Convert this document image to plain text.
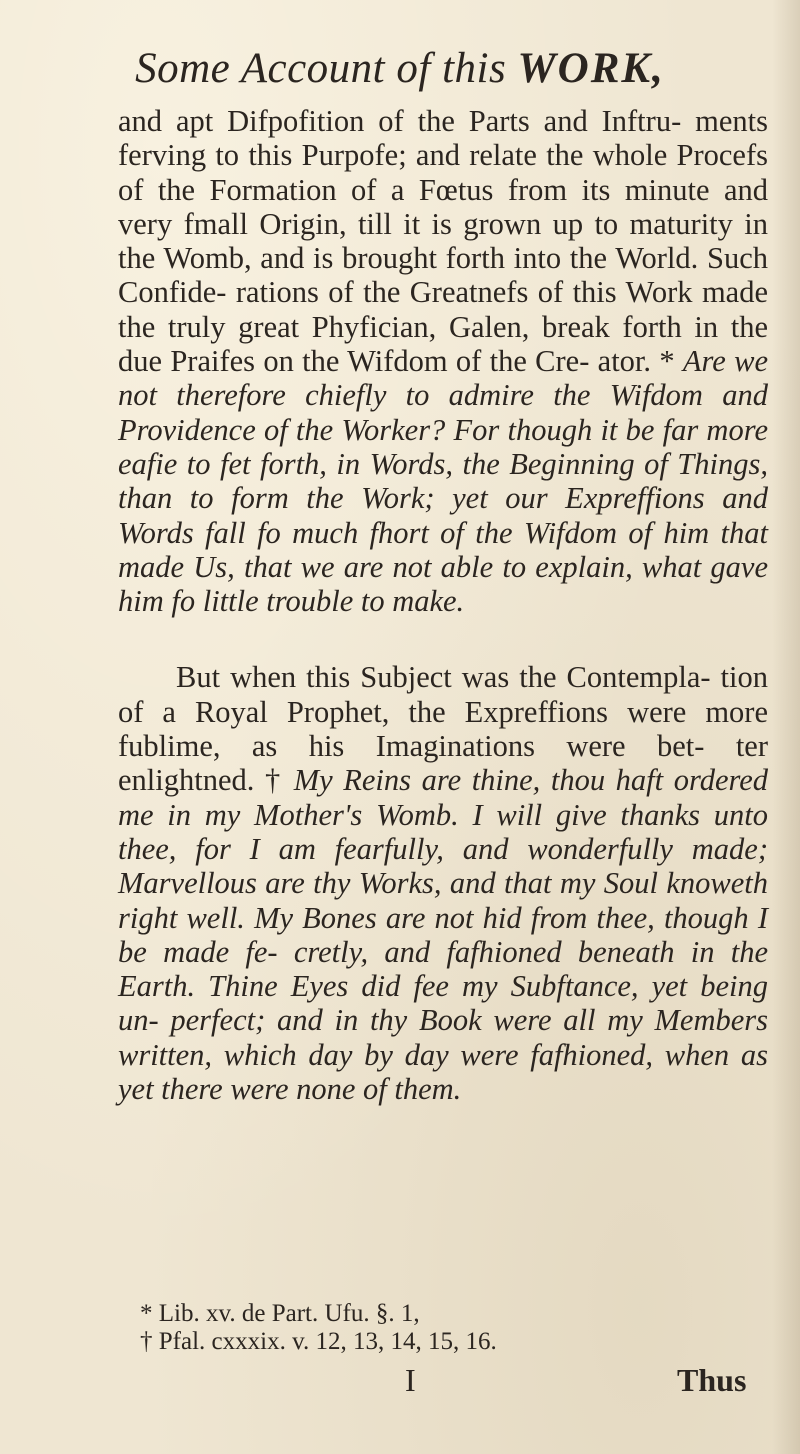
Some Account of this WORK,

and apt Difpofition of the Parts and Inftru- ments ferving to this Purpofe; and relate the whole Procefs of the Formation of a Fœtus from its minute and very fmall Origin, till it is grown up to maturity in the Womb, and is brought forth into the World. Such Confide- rations of the Greatnefs of this Work made the truly great Phyfician, Galen, break forth in the due Praifes on the Wifdom of the Cre- ator. * Are we not therefore chiefly to admire the Wifdom and Providence of the Worker? For though it be far more eafie to fet forth, in Words, the Beginning of Things, than to form the Work; yet our Expreffions and Words fall fo much fhort of the Wifdom of him that made Us, that we are not able to explain, what gave him fo little trouble to make.

But when this Subject was the Contempla- tion of a Royal Prophet, the Expreffions were more fublime, as his Imaginations were bet- ter enlightned. † My Reins are thine, thou haft ordered me in my Mother's Womb. I will give thanks unto thee, for I am fearfully, and wonderfully made; Marvellous are thy Works, and that my Soul knoweth right well. My Bones are not hid from thee, though I be made fe- cretly, and fafhioned beneath in the Earth. Thine Eyes did fee my Subftance, yet being un- perfect; and in thy Book were all my Members written, which day by day were fafhioned, when as yet there were none of them.

* Lib. xv. de Part. Ufu. §. 1,
† Pfal. cxxxix. v. 12, 13, 14, 15, 16.
I	Thus
